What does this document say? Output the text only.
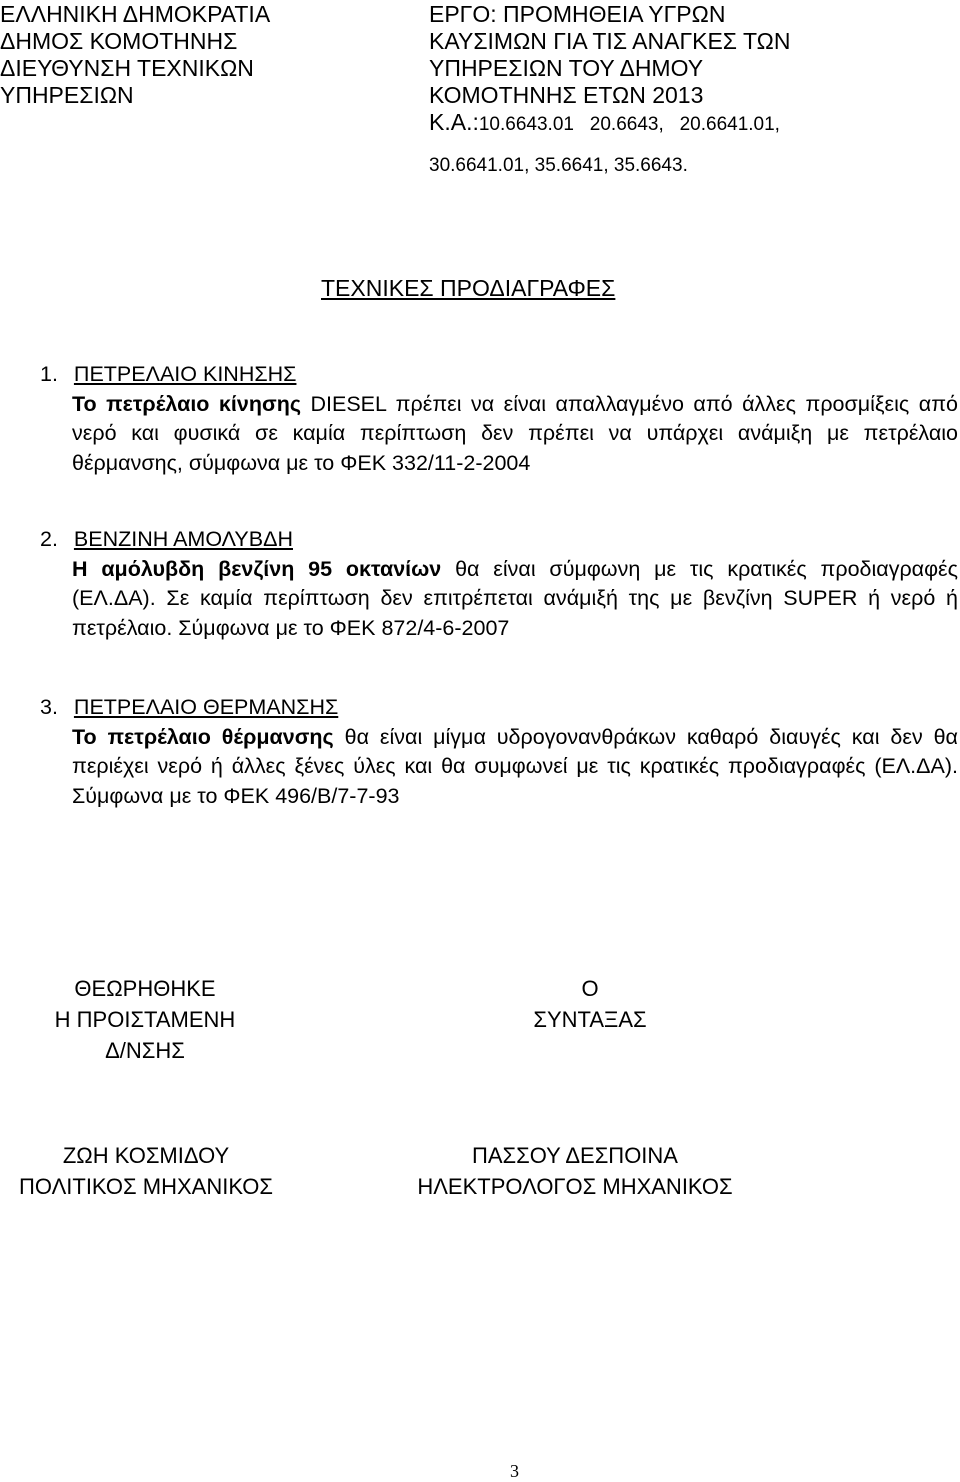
ΕΛΛΗΝΙΚΗ ΔΗΜΟΚΡΑΤΙΑ
ΔΗΜΟΣ ΚΟΜΟΤΗΝΗΣ
ΔΙΕΥΘΥΝΣΗ ΤΕΧΝΙΚΩΝ
ΥΠΗΡΕΣΙΩΝ
ΕΡΓΟ: ΠΡΟΜΗΘΕΙΑ ΥΓΡΩΝ
ΚΑΥΣΙΜΩΝ ΓΙΑ ΤΙΣ ΑΝΑΓΚΕΣ ΤΩΝ
ΥΠΗΡΕΣΙΩΝ ΤΟΥ ΔΗΜΟΥ
ΚΟΜΟΤΗΝΗΣ ΕΤΩΝ 2013
Κ.Α.:10.6643.01   20.6643,   20.6641.01,
30.6641.01, 35.6641, 35.6643.
ΤΕΧΝΙΚΕΣ ΠΡΟΔΙΑΓΡΑΦΕΣ
1. ΠΕΤΡΕΛΑΙΟ ΚΙΝΗΣΗΣ

Το πετρέλαιο κίνησης DIESEL πρέπει να είναι απαλλαγμένο από άλλες προσμίξεις από νερό και φυσικά σε καμία περίπτωση δεν πρέπει να υπάρχει ανάμιξη με πετρέλαιο θέρμανσης, σύμφωνα με το ΦΕΚ 332/11-2-2004

2. ΒΕΝΖΙΝΗ ΑΜΟΛΥΒΔΗ

Η αμόλυβδη βενζίνη 95 οκτανίων θα είναι σύμφωνη με τις κρατικές προδιαγραφές (ΕΛ.ΔΑ). Σε καμία περίπτωση δεν επιτρέπεται ανάμιξή της με βενζίνη SUPER ή νερό ή πετρέλαιο. Σύμφωνα με το ΦΕΚ 872/4-6-2007

3. ΠΕΤΡΕΛΑΙΟ ΘΕΡΜΑΝΣΗΣ

Το πετρέλαιο θέρμανσης θα είναι μίγμα υδρογονανθράκων καθαρό διαυγές και δεν θα περιέχει νερό ή άλλες ξένες ύλες και θα συμφωνεί με τις κρατικές προδιαγραφές (ΕΛ.ΔΑ). Σύμφωνα με το ΦΕΚ 496/Β/7-7-93

ΘΕΩΡΗΘΗΚΕ
Η ΠΡΟΙΣΤΑΜΕΝΗ
Δ/ΝΣΗΣ
Ο
ΣΥΝΤΑΞΑΣ
ΖΩΗ ΚΟΣΜΙΔΟΥ
ΠΟΛΙΤΙΚΟΣ ΜΗΧΑΝΙΚΟΣ
ΠΑΣΣΟΥ ΔΕΣΠΟΙΝΑ
ΗΛΕΚΤΡΟΛΟΓΟΣ ΜΗΧΑΝΙΚΟΣ
3
